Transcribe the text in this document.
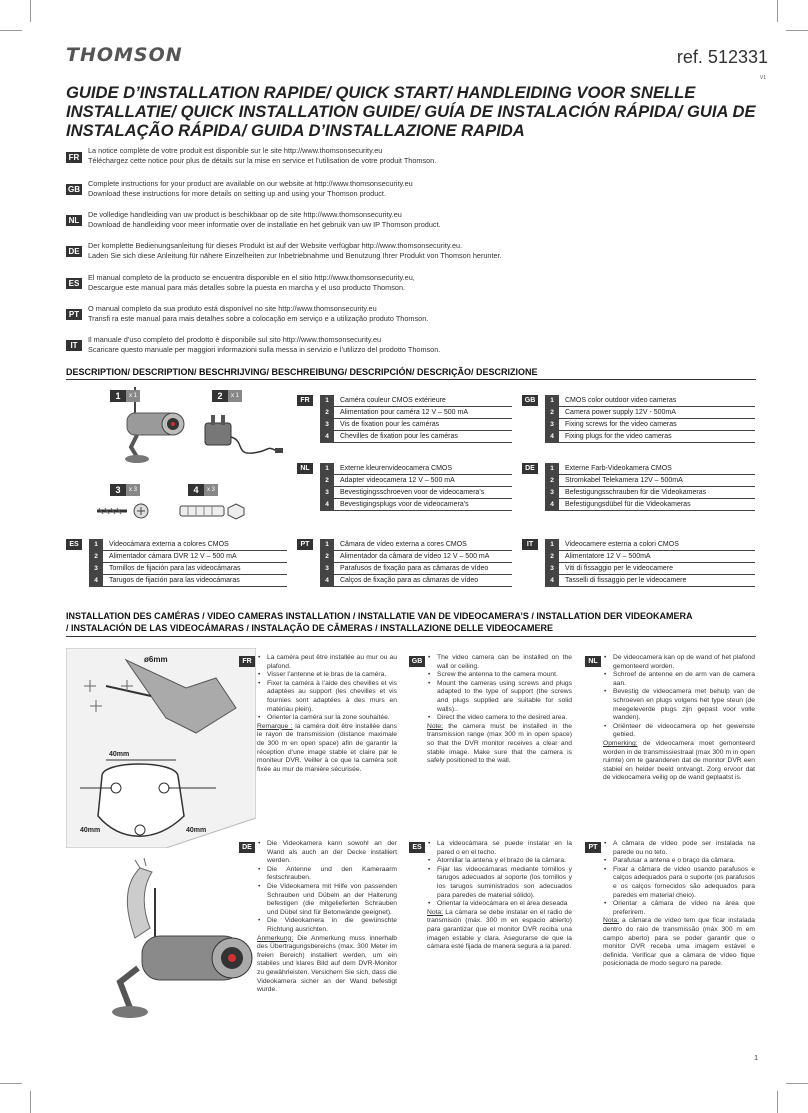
THOMSON	ref. 512331
V1
GUIDE D’INSTALLATION RAPIDE/ QUICK START/ HANDLEIDING VOOR SNELLE INSTALLATIE/ QUICK INSTALLATION GUIDE/ GUÍA DE INSTALACIÓN RÁPIDA/ GUIA DE INSTALAÇÃO RÁPIDA/ GUIDA D’INSTALLAZIONE RAPIDA
FR
La notice complète de votre produit est disponible sur le site http://www.thomsonsecurity.eu
Téléchargez cette notice pour plus de détails sur la mise en service et l’utilisation de votre produit Thomson.
GB
Complete instructions for your product are available on our website at http://www.thomsonsecurity.eu
Download these instructions for more details on setting up and using your Thomson product.
NL
De volledige handleiding van uw product is beschikbaar op de site http://www.thomsonsecurity.eu
Download de handleiding voor meer informatie over de installatie en het gebruik van uw IP Thomson product.
DE
Der komplette Bedienungsanleitung für dieses Produkt ist auf der Website verfügbar http://www.thomsonsecurity.eu.
Laden Sie sich diese Anleitung für nähere Einzelheiten zur Inbetriebnahme und Benutzung Ihrer Produkt von Thomson herunter.
ES
El manual completo de la producto se encuentra disponible en el sitio http://www.thomsonsecurity.eu,
Descargue este manual para más detalles sobre la puesta en marcha y el uso producto Thomson.
PT
O manual completo da sua produto está disponível no site http://www.thomsonsecurity.eu
Transfi ra este manual para mais detalhes sobre a colocação em serviço e a utilização produto Thomson.
IT
Il manuale d’uso completo del prodotto è disponibile sul sito http://www.thomsonsecurity.eu
Scaricare questo manuale per maggiori informazioni sulla messa in servizio e l’utilizzo del prodotto Thomson.
DESCRIPTION/ DESCRIPTION/ BESCHRIJVING/ BESCHREIBUNG/ DESCRIPCIÓN/ DESCRIÇÃO/ DESCRIZIONE
1	x 1	2	x 1
3	x 3	4	x 3
FR	1	Caméra couleur CMOS extérieure
2	Alimentation pour caméra 12 V – 500 mA
3	Vis de fixation pour les caméras
4	Chevilles de fixation pour les caméras
GB	1	CMOS color outdoor video cameras
2	Camera power supply 12V - 500mA
3	Fixing screws for the video cameras
4	Fixing plugs for the video cameras
NL	1	Externe kleurenvideocamera CMOS
2	Adapter videocamera 12 V – 500 mA
3	Bevestigingsschroeven voor de videocamera’s
4	Bevestigingsplugs voor de videocamera’s
DE	1	Externe Farb-Videokamera CMOS
2	Stromkabel Telekamera 12V – 500mA
3	Befestigungsschrauben für die Videokameras
4	Befestigungsdübel für die Videokameras
ES	1	Videocámara externa a colores CMOS
2	Alimentador cámara DVR 12 V – 500 mA
3	Tornillos de fijación para las videocámaras
4	Tarugos de fijación para las videocámaras
PT	1	Câmara de vídeo externa a cores CMOS
2	Alimentador da câmara de vídeo 12 V – 500 mA
3	Parafusos de fixação para as câmaras de vídeo
4	Calços de fixação para as câmaras de vídeo
IT	1	Videocamere esterna a colori CMOS
2	Alimentatore 12 V – 500mA
3	Viti di fissaggio per le videocamere
4	Tasselli di fissaggio per le videocamere
INSTALLATION DES CAMÉRAS / VIDEO CAMERAS INSTALLATION / INSTALLATIE VAN DE VIDEOCAMERA’S / INSTALLATION DER VIDEOKAMERA
/ INSTALACIÓN DE LAS VIDEOCÁMARAS / INSTALAÇÃO DE CÂMERAS / INSTALLAZIONE DELLE VIDEOCAMERE
ø6mm
40mm
40mm	40mm
FR
• La caméra peut être installée au mur ou au plafond.
• Visser l’antenne et le bras de la caméra.
• Fixer la caméra à l’aide des chevilles et vis adaptées au support (les chevilles et vis fournies sont adaptées à des murs en matériau plein).
• Orienter la caméra sur la zone souhaitée.

Remarque : la caméra doit être installée dans le rayon de transmission (distance maximale de 300 m en open space) afin de garantir la réception d’une image stable et claire par le moniteur DVR. Veiller à ce que la caméra soit fixée au mur de manière sécurisée.

GB
• The video camera can be installed on the wall or ceiling.
• Screw the antenna to the camera mount.
• Mount the cameras using screws and plugs adapted to the type of support (the screws and plugs supplied are suitable for solid walls)..
• Direct the video camera to the desired area.

Note: the camera must be installed in the transmission range (max 300 m in open space) so that the DVR monitor receives a clear and stable image. Make sure that the camera is safely positioned to the wall.

NL
• De videocamera kan op de wand of het plafond gemonteerd worden.
• Schroef de antenne en de arm van de camera aan.
• Bevestig de videocamera met behulp van de schroeven en plugs volgens het type steun (de meegeleverde plugs zijn gepast voor volle wanden).
• Oriënteer de videocamera op het gewenste gebied.

Opmerking: de videocamera moet gemonteerd worden in de transmissiestraal (max 300 m in open ruimte) om te garanderen dat de monitor DVR een stabiel en helder beeld ontvangt. Zorg ervoor dat de videocamera veilig op de wand geplaatst is.

DE
• Die Videokamera kann sowohl an der Wand als auch an der Decke installiert werden.
• Die Antenne und den Kameraarm festschrauben.
• Die Videokamera mit Hilfe von passenden Schrauben und Dübeln an der Halterung befestigen (die mitgelieferten Schrauben und Dübel sind für Betonwände geeignet).
• Die Videokamera in die gewünschte Richtung ausrichten.

Anmerkung: Die Anmerkung muss innerhalb des Übertragungsbereichs (max. 300 Meter im freien Bereich) installiert werden, um ein stabiles und klares Bild auf dem DVR-Monitor zu gewährleisten. Versichern Sie sich, dass die Videokamera sicher an der Wand befestigt wurde.

ES
• La videocámara se puede instalar en la pared o en el techo.
• Atornillar la antena y el brazo de la cámara.
• Fijar las videocámaras mediante tornillos y tarugos adecuados al soporte (los tornillos y los tarugos suministrados son adecuados para paredes de material sólido).
• Orientar la videocámara en el área deseada

Nota: La cámara se debe instalar en el radio de transmisión (máx. 300 m en espacio abierto) para garantizar que el monitor DVR reciba una imagen estable y clara. Asegurarse de que la cámara esté fijada de manera segura a la pared.

PT
• A câmara de vídeo pode ser instalada na parede ou no teto.
• Parafusar a antena e o braço da câmara.
• Fixar a câmara de vídeo usando parafusos e calços adequados para o suporte (os parafusos e os calços fornecidos são adequados para paredes em material cheio).
• Orientar a câmara de vídeo na área que preferirem.

Nota: a câmara de vídeo tem que ficar instalada dentro do raio de transmissão (máx 300 m em campo aberto) para se poder garantir que o monitor DVR receba uma imagem estável e definida. Verificar que a câmara de vídeo fique posicionada de modo seguro na parede.

1
